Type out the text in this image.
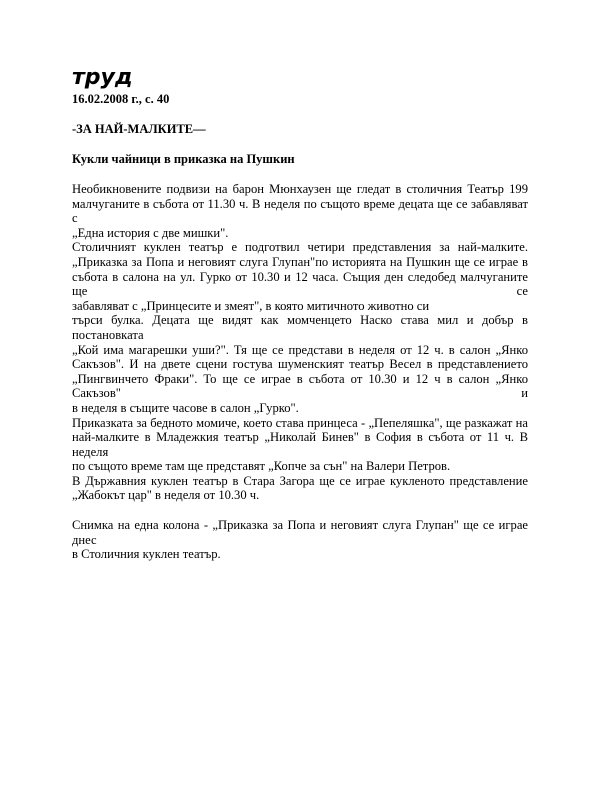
труд
16.02.2008 г., с. 40
-ЗА НАЙ-МАЛКИТЕ—
Кукли чайници в приказка на Пушкин

Необикновените подвизи на барон Мюнхаузен ще гледат в столичния Театър 199

малчуганите в събота от 11.30 ч. В неделя по същото време децата ще се забавляват с

„Една история с две мишки".

Столичният куклен театър е подготвил четири представления за най-малките.

„Приказка за Попа и неговият слуга Глупан"по историята на Пушкин ще се играе в

събота в салона на ул. Гурко от 10.30 и 12 часа. Същия ден следобед малчуганите ще се

забавляват с „Принцесите и змеят", в която митичното животно си

търси булка. Децата ще видят как момченцето Наско става мил и добър в постановката

„Кой има магарешки уши?". Тя ще се представи в неделя от 12 ч. в салон „Янко

Сакъзов". И на двете сцени гостува шуменският театър Весел в представлението

„Пингвинчето Фраки". То ще се играе в събота от 10.30 и 12 ч в салон „Янко Сакъзов" и

в неделя в същите часове в салон „Гурко".

Приказката за бедното момиче, което става принцеса - „Пепеляшка", ще разкажат на

най-малките в Младежкия театър „Николай Бинев" в София в събота от 11 ч. В неделя

по същото време там ще представят „Копче за сън" на Валери Петров.

В Държавния куклен театър в Стара Загора ще се играе кукленото представление

„Жабокът цар" в неделя от 10.30 ч.

Снимка на една колона - „Приказка за Попа и неговият слуга Глупан" ще се играе днес
в Столичния куклен театър.
